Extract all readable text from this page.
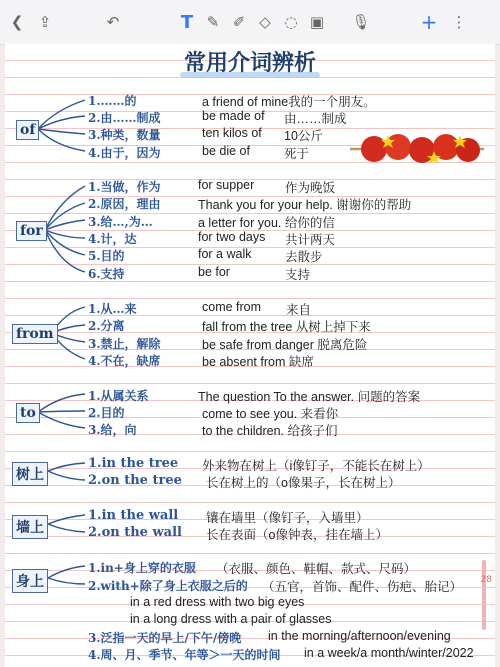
❮	⇪	↶	T ✎ ✐ ◇ ◌ ▣ 🎙	+ ⋮
常用介词辨析
of
1.……的	a friend of mine我的一个朋友。
2.由……制成	be made of 由……制成
3.种类，数量	ten kilos of 10公斤
4.由于，因为	be die of	死于
for
1.当做，作为	for supper 作为晚饭
2.原因，理由	Thank you for your help. 谢谢你的帮助
3.给…,为…	a letter for you. 给你的信
4.计，达	for two days 共计两天
5.目的	for a walk	去散步
6.支持	be for	支持
from
1.从…来	come from 来自
2.分离	fall from the tree 从树上掉下来
3.禁止，解除	be safe from danger 脱离危险
4.不在，缺席	be absent from 缺席
to
1.从属关系	The question To the answer. 问题的答案
2.目的	come to see you. 来看你
3.给，向	to the children. 给孩子们
树上
1.in the tree 外来物在树上（i像钉子，不能长在树上）
2.on the tree 长在树上的（o像果子，长在树上）
墙上
1.in the wall 镶在墙里（像钉子，入墙里）
2.on the wall 长在表面（o像钟表，挂在墙上）
身上
1.in+身上穿的衣服 （衣服、颜色、鞋帽、款式、尺码）
2.with+除了身上衣服之后的 （五官，首饰、配件、伤疤、胎记）
in a red dress with two big eyes
in a long dress with a pair of glasses
3.泛指一天的早上/下午/傍晚 in the morning/afternoon/evening
4.周、月、季节、年等＞一天的时间 in a week/a month/winter/2022
28
